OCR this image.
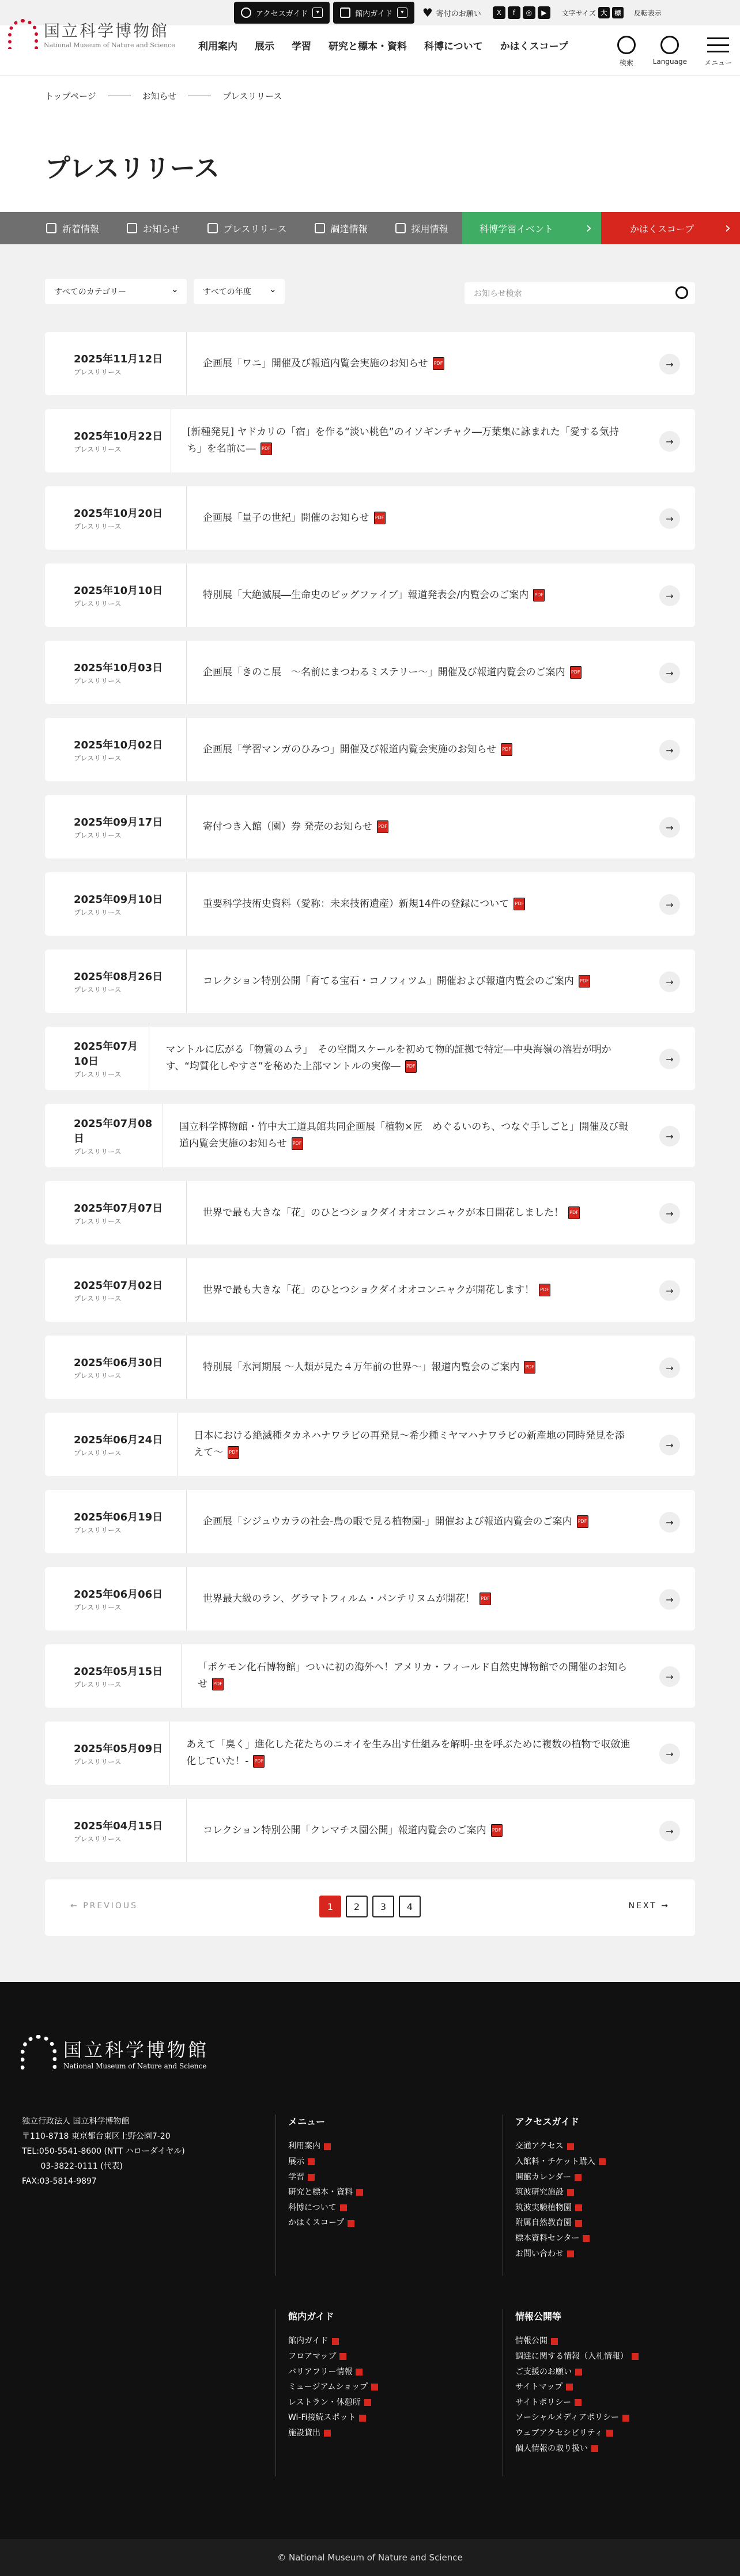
アクセスガイド	▾	館内ガイド	▾	♥ 寄付のお願い	X	f	◎	▶	文字サイズ 大	標	反転表示
国立科学博物館
National Museum of Nature and Science 利用案内 展示 学習 研究と標本・資料 科博について かはくスコープ
検索	Language	メニュー
トップページ	お知らせ	プレスリリース
プレスリリース
新着情報	お知らせ	プレスリリース	調達情報	採用情報	科博学習イベント ›	かはくスコープ ›
すべてのカテゴリー ⌄	すべての年度 ⌄	お知らせ検索
2025年11月12日
プレスリリース
企画展「ワニ」開催及び報道内覧会実施のお知らせ PDF	→
2025年10月22日
プレスリリース
[新種発見] ヤドカリの「宿」を作る“淡い桃色”のイソギンチャク―万葉集に詠まれた「愛する気持ち」を名前に― PDF
→
2025年10月20日
プレスリリース
企画展「量子の世紀」開催のお知らせ PDF	→
2025年10月10日
プレスリリース
特別展「大絶滅展―生命史のビッグファイブ」報道発表会/内覧会のご案内 PDF	→
2025年10月03日
プレスリリース
企画展「きのこ展　～名前にまつわるミステリー～」開催及び報道内覧会のご案内 PDF	→
2025年10月02日
プレスリリース
企画展「学習マンガのひみつ」開催及び報道内覧会実施のお知らせ PDF	→
2025年09月17日
プレスリリース
寄付つき入館（園）券 発売のお知らせ PDF	→
2025年09月10日
プレスリリース
重要科学技術史資料（愛称：未来技術遺産）新規14件の登録について PDF	→
2025年08月26日
プレスリリース
コレクション特別公開「育てる宝石・コノフィツム」開催および報道内覧会のご案内 PDF	→
2025年07月10日
プレスリリース
マントルに広がる「物質のムラ」　その空間スケールを初めて物的証拠で特定―中央海嶺の溶岩が明かす、“均質化しやすさ”を秘めた上部マントルの実像― PDF
→
2025年07月08日
プレスリリース
国立科学博物館・竹中大工道具館共同企画展「植物×匠　めぐるいのち、つなぐ手しごと」開催及び報道内覧会実施のお知らせ PDF
→
2025年07月07日
プレスリリース
世界で最も大きな「花」のひとつショクダイオオコンニャクが本日開花しました！ PDF	→
2025年07月02日
プレスリリース
世界で最も大きな「花」のひとつショクダイオオコンニャクが開花します！ PDF	→
2025年06月30日
プレスリリース
特別展「氷河期展 ～人類が見た４万年前の世界～」報道内覧会のご案内 PDF	→
2025年06月24日
プレスリリース
日本における絶滅種タカネハナワラビの再発見～希少種ミヤマハナワラビの新産地の同時発見を添えて～ PDF
→
2025年06月19日
プレスリリース
企画展「シジュウカラの社会-鳥の眼で見る植物園-」開催および報道内覧会のご案内 PDF	→
2025年06月06日
プレスリリース
世界最大級のラン、グラマトフィルム・パンテリヌムが開花！ PDF	→
2025年05月15日
プレスリリース
「ポケモン化石博物館」ついに初の海外へ！アメリカ・フィールド自然史博物館での開催のお知らせ PDF
→
2025年05月09日
プレスリリース
あえて「臭く」進化した花たちのニオイを生み出す仕組みを解明-虫を呼ぶために複数の植物で収斂進化していた！- PDF
→
2025年04月15日
プレスリリース
コレクション特別公開「クレマチス園公開」報道内覧会のご案内 PDF	→
← PREVIOUS	1	2	3	4	NEXT →
国立科学博物館
National Museum of Nature and Science
独立行政法人 国立科学博物館
〒110-8718 東京都台東区上野公園7-20
TEL:050-5541-8600 (NTT ハローダイヤル)
　　 03-3822-0111 (代表)
FAX:03-5814-9897
メニュー
利用案内
展示
学習
研究と標本・資料
科博について
かはくスコープ
アクセスガイド
交通アクセス
入館料・チケット購入
開館カレンダー
筑波研究施設
筑波実験植物園
附属自然教育園
標本資料センター
お問い合わせ
館内ガイド
館内ガイド
フロアマップ
バリアフリー情報
ミュージアムショップ
レストラン・休憩所
Wi-Fi接続スポット
施設貸出
情報公開等
情報公開
調達に関する情報（入札情報）
ご支援のお願い
サイトマップ
サイトポリシー
ソーシャルメディアポリシー
ウェブアクセシビリティ
個人情報の取り扱い
© National Museum of Nature and Science
